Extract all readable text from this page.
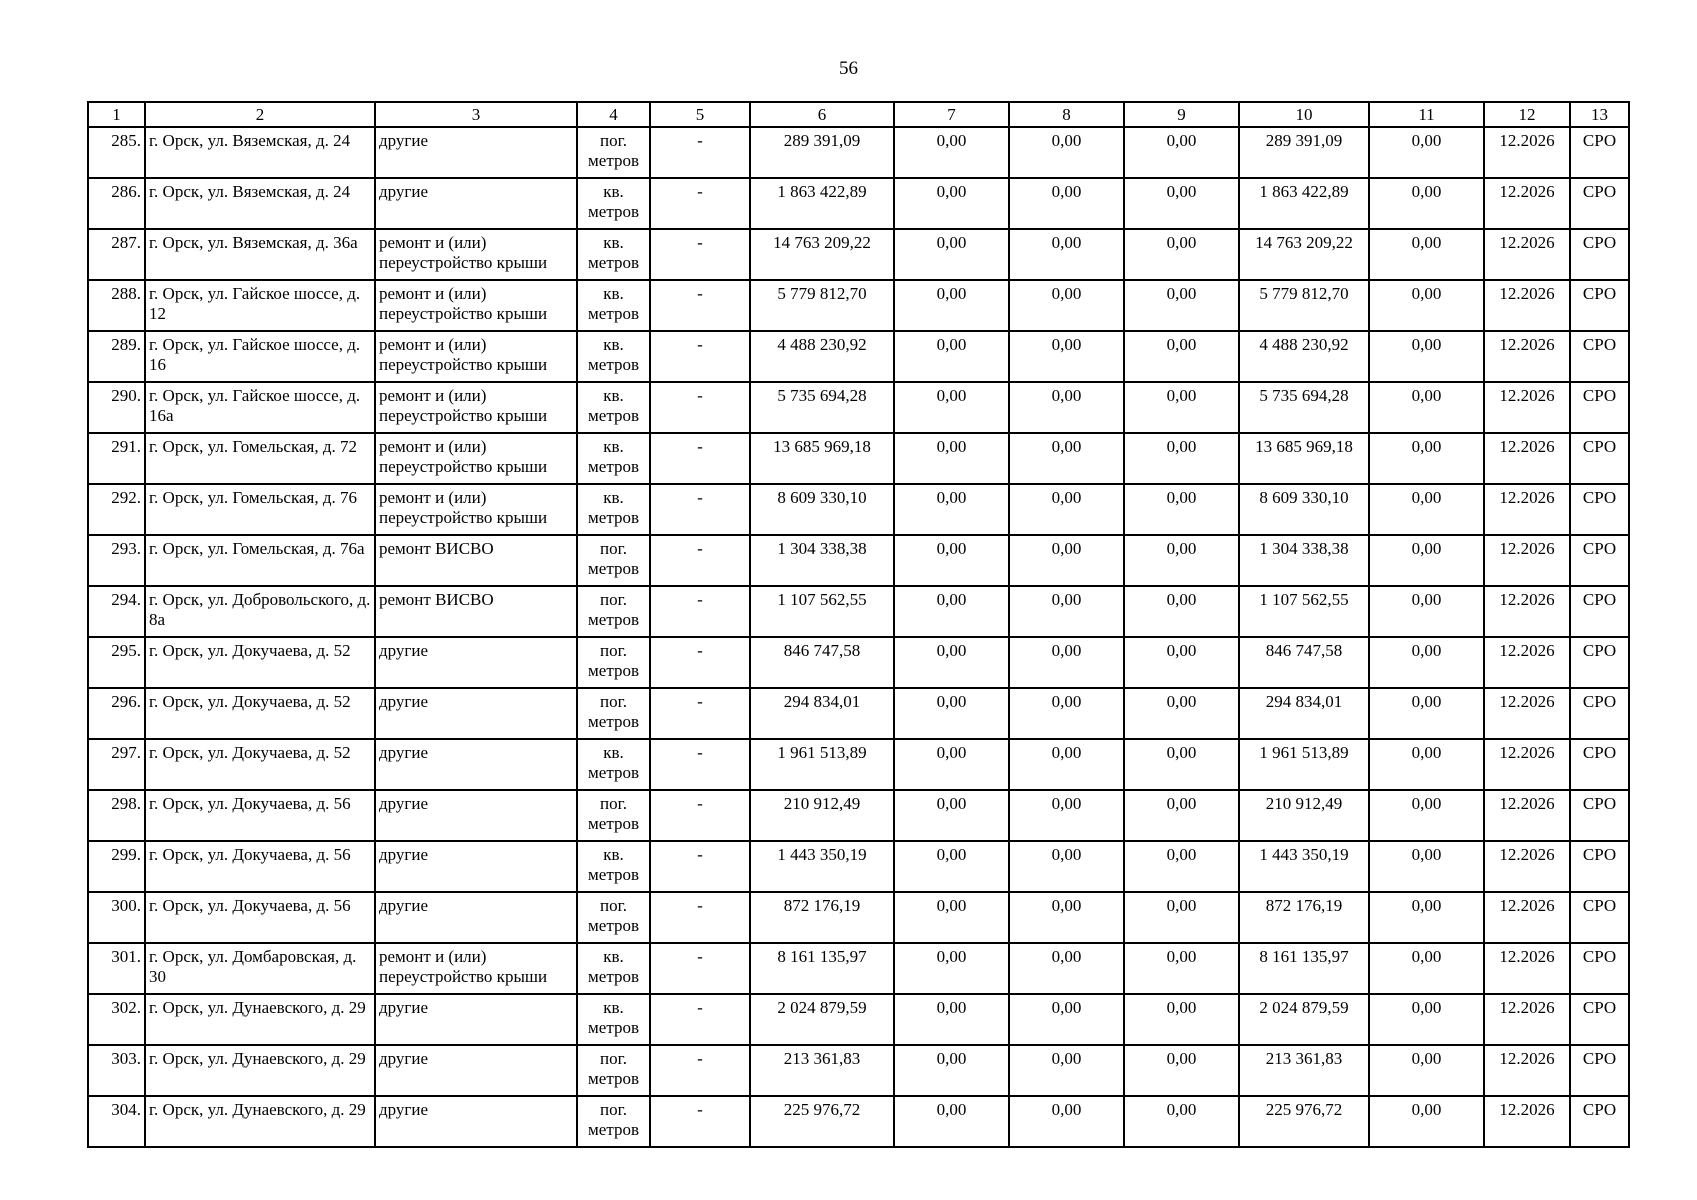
56
1	2	3	4	5	6	7	8	9	10	11	12	13
285.	г. Орск, ул. Вяземская, д. 24	другие	пог. метров	-	289 391,09	0,00	0,00	0,00	289 391,09	0,00	12.2026	СРО
286.	г. Орск, ул. Вяземская, д. 24	другие	кв. метров	-	1 863 422,89	0,00	0,00	0,00	1 863 422,89	0,00	12.2026	СРО
287.	г. Орск, ул. Вяземская, д. 36а	ремонт и (или) переустройство крыши	кв. метров	-	14 763 209,22	0,00	0,00	0,00	14 763 209,22	0,00	12.2026	СРО
288.	г. Орск, ул. Гайское шоссе, д. 12	ремонт и (или) переустройство крыши	кв. метров	-	5 779 812,70	0,00	0,00	0,00	5 779 812,70	0,00	12.2026	СРО
289.	г. Орск, ул. Гайское шоссе, д. 16	ремонт и (или) переустройство крыши	кв. метров	-	4 488 230,92	0,00	0,00	0,00	4 488 230,92	0,00	12.2026	СРО
290.	г. Орск, ул. Гайское шоссе, д. 16а	ремонт и (или) переустройство крыши	кв. метров	-	5 735 694,28	0,00	0,00	0,00	5 735 694,28	0,00	12.2026	СРО
291.	г. Орск, ул. Гомельская, д. 72	ремонт и (или) переустройство крыши	кв. метров	-	13 685 969,18	0,00	0,00	0,00	13 685 969,18	0,00	12.2026	СРО
292.	г. Орск, ул. Гомельская, д. 76	ремонт и (или) переустройство крыши	кв. метров	-	8 609 330,10	0,00	0,00	0,00	8 609 330,10	0,00	12.2026	СРО
293.	г. Орск, ул. Гомельская, д. 76а	ремонт ВИСВО	пог. метров	-	1 304 338,38	0,00	0,00	0,00	1 304 338,38	0,00	12.2026	СРО
294.	г. Орск, ул. Добровольского, д. 8а	ремонт ВИСВО	пог. метров	-	1 107 562,55	0,00	0,00	0,00	1 107 562,55	0,00	12.2026	СРО
295.	г. Орск, ул. Докучаева, д. 52	другие	пог. метров	-	846 747,58	0,00	0,00	0,00	846 747,58	0,00	12.2026	СРО
296.	г. Орск, ул. Докучаева, д. 52	другие	пог. метров	-	294 834,01	0,00	0,00	0,00	294 834,01	0,00	12.2026	СРО
297.	г. Орск, ул. Докучаева, д. 52	другие	кв. метров	-	1 961 513,89	0,00	0,00	0,00	1 961 513,89	0,00	12.2026	СРО
298.	г. Орск, ул. Докучаева, д. 56	другие	пог. метров	-	210 912,49	0,00	0,00	0,00	210 912,49	0,00	12.2026	СРО
299.	г. Орск, ул. Докучаева, д. 56	другие	кв. метров	-	1 443 350,19	0,00	0,00	0,00	1 443 350,19	0,00	12.2026	СРО
300.	г. Орск, ул. Докучаева, д. 56	другие	пог. метров	-	872 176,19	0,00	0,00	0,00	872 176,19	0,00	12.2026	СРО
301.	г. Орск, ул. Домбаровская, д. 30	ремонт и (или) переустройство крыши	кв. метров	-	8 161 135,97	0,00	0,00	0,00	8 161 135,97	0,00	12.2026	СРО
302.	г. Орск, ул. Дунаевского, д. 29	другие	кв. метров	-	2 024 879,59	0,00	0,00	0,00	2 024 879,59	0,00	12.2026	СРО
303.	г. Орск, ул. Дунаевского, д. 29	другие	пог. метров	-	213 361,83	0,00	0,00	0,00	213 361,83	0,00	12.2026	СРО
304.	г. Орск, ул. Дунаевского, д. 29	другие	пог. метров	-	225 976,72	0,00	0,00	0,00	225 976,72	0,00	12.2026	СРО
